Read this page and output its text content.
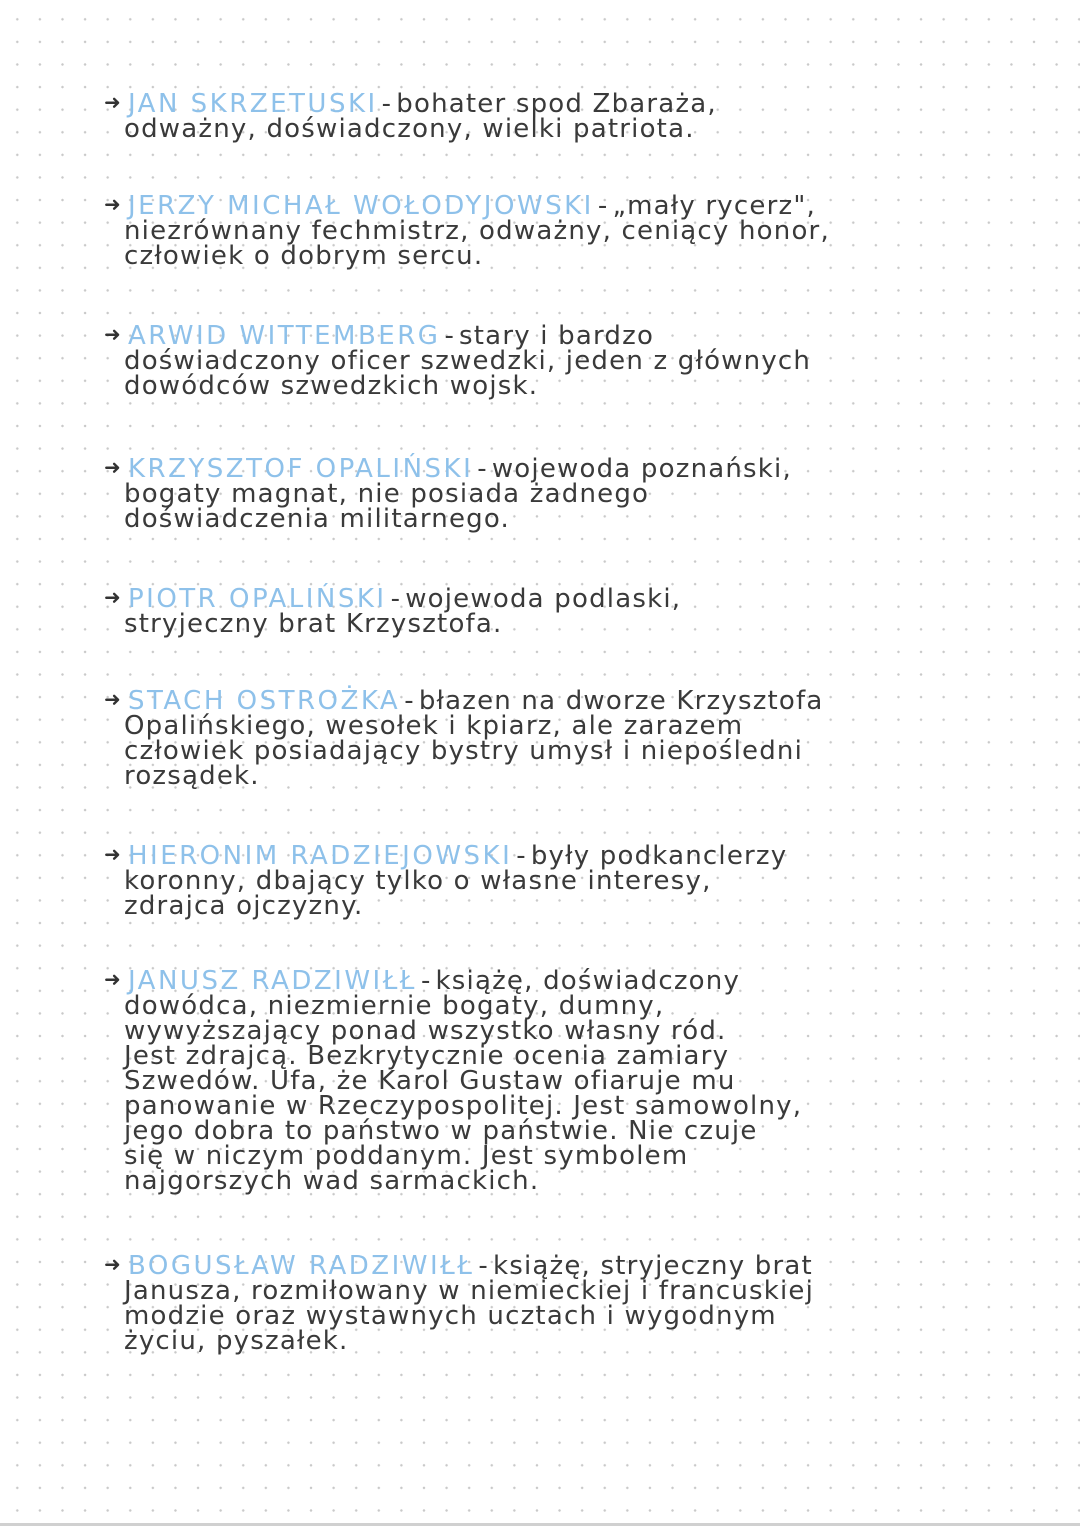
➜ JAN SKRZETUSKI - bohater spod Zbaraża,
odważny, doświadczony, wielki patriota.
➜ JERZY MICHAŁ WOŁODYJOWSKI - „mały rycerz",
niezrównany fechmistrz, odważny, ceniący honor,
człowiek o dobrym sercu.
➜ ARWID WITTEMBERG - stary i bardzo
doświadczony oficer szwedzki, jeden z głównych
dowódców szwedzkich wojsk.
➜ KRZYSZTOF OPALIŃSKI - wojewoda poznański,
bogaty magnat, nie posiada żadnego
doświadczenia militarnego.
➜ PIOTR OPALIŃSKI - wojewoda podlaski,
stryjeczny brat Krzysztofa.
➜ STACH OSTROŻKA - błazen na dworze Krzysztofa
Opalińskiego, wesołek i kpiarz, ale zarazem
człowiek posiadający bystry umysł i niepośledni
rozsądek.
➜ HIERONIM RADZIEJOWSKI - były podkanclerzy
koronny, dbający tylko o własne interesy,
zdrajca ojczyzny.
➜ JANUSZ RADZIWIŁŁ - książę, doświadczony
dowódca, niezmiernie bogaty, dumny,
wywyższający ponad wszystko własny ród.
Jest zdrajcą. Bezkrytycznie ocenia zamiary
Szwedów. Ufa, że Karol Gustaw ofiaruje mu
panowanie w Rzeczypospolitej. Jest samowolny,
jego dobra to państwo w państwie. Nie czuje
się w niczym poddanym. Jest symbolem
najgorszych wad sarmackich.
➜ BOGUSŁAW RADZIWIŁŁ - książę, stryjeczny brat
Janusza, rozmiłowany w niemieckiej i francuskiej
modzie oraz wystawnych ucztach i wygodnym
życiu, pyszałek.
